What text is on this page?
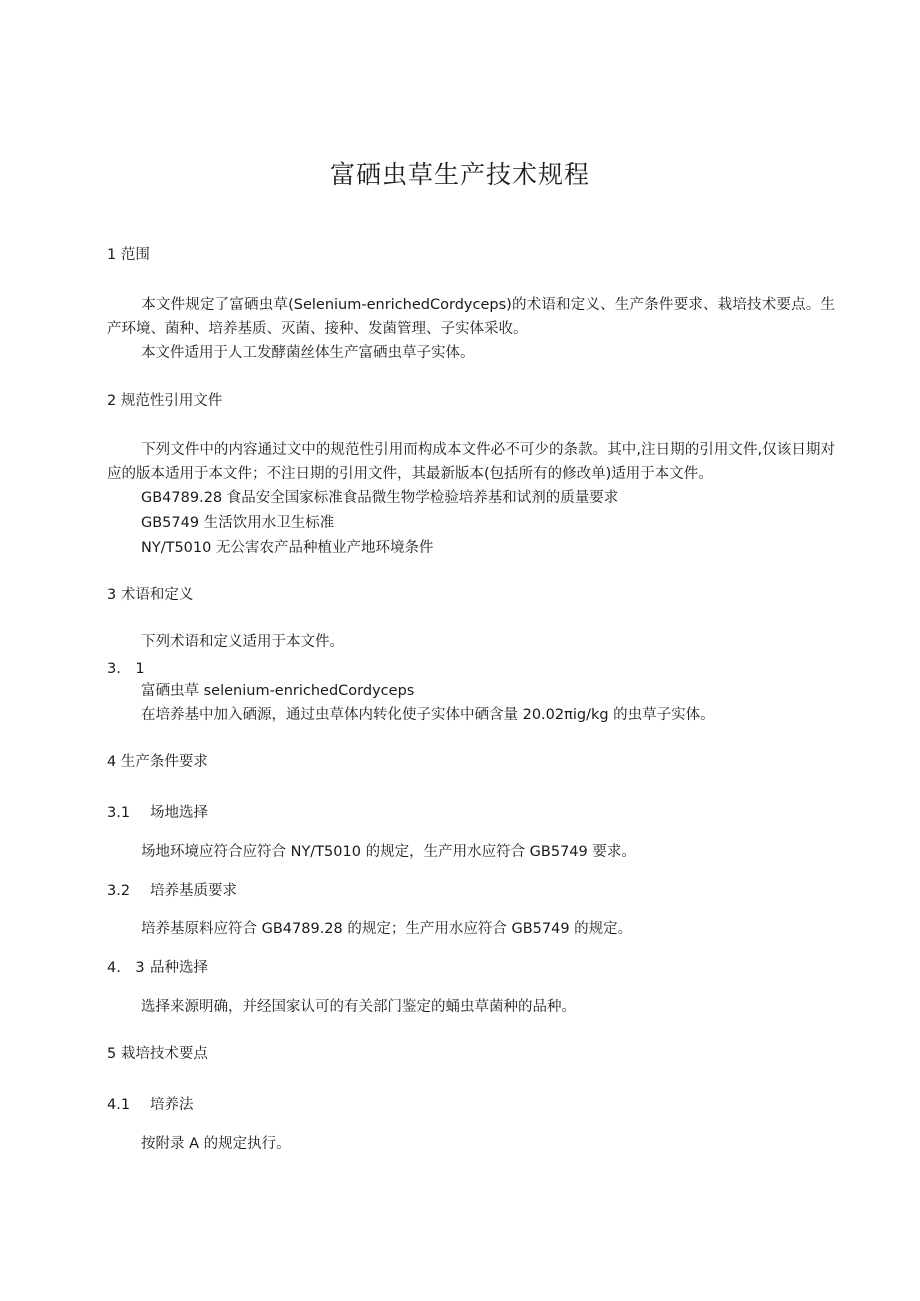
富硒虫草生产技术规程
1 范围
本文件规定了富硒虫草(Selenium-enrichedCordyceps)的术语和定义、生产条件要求、栽培技术要点。生产环境、菌种、培养基质、灭菌、接种、发菌管理、子实体采收。
本文件适用于人工发酵菌丝体生产富硒虫草子实体。
2 规范性引用文件
下列文件中的内容通过文中的规范性引用而构成本文件必不可少的条款。其中,注日期的引用文件,仅该日期对应的版本适用于本文件；不注日期的引用文件，其最新版本(包括所有的修改单)适用于本文件。
GB4789.28 食品安全国家标准食品微生物学检验培养基和试剂的质量要求
GB5749 生活饮用水卫生标准
NY/T5010 无公害农产品种植业产地环境条件
3 术语和定义
下列术语和定义适用于本文件。
3.　1
富硒虫草 selenium-enrichedCordyceps
在培养基中加入硒源，通过虫草体内转化使子实体中硒含量 20.02πig∕kg 的虫草子实体。
4 生产条件要求
3.1 场地选择
场地环境应符合应符合 NY/T5010 的规定，生产用水应符合 GB5749 要求。
3.2 培养基质要求
培养基原料应符合 GB4789.28 的规定；生产用水应符合 GB5749 的规定。
4.　3 品种选择
选择来源明确，并经国家认可的有关部门鉴定的蛹虫草菌种的品种。
5 栽培技术要点
4.1 培养法
按附录 A 的规定执行。
